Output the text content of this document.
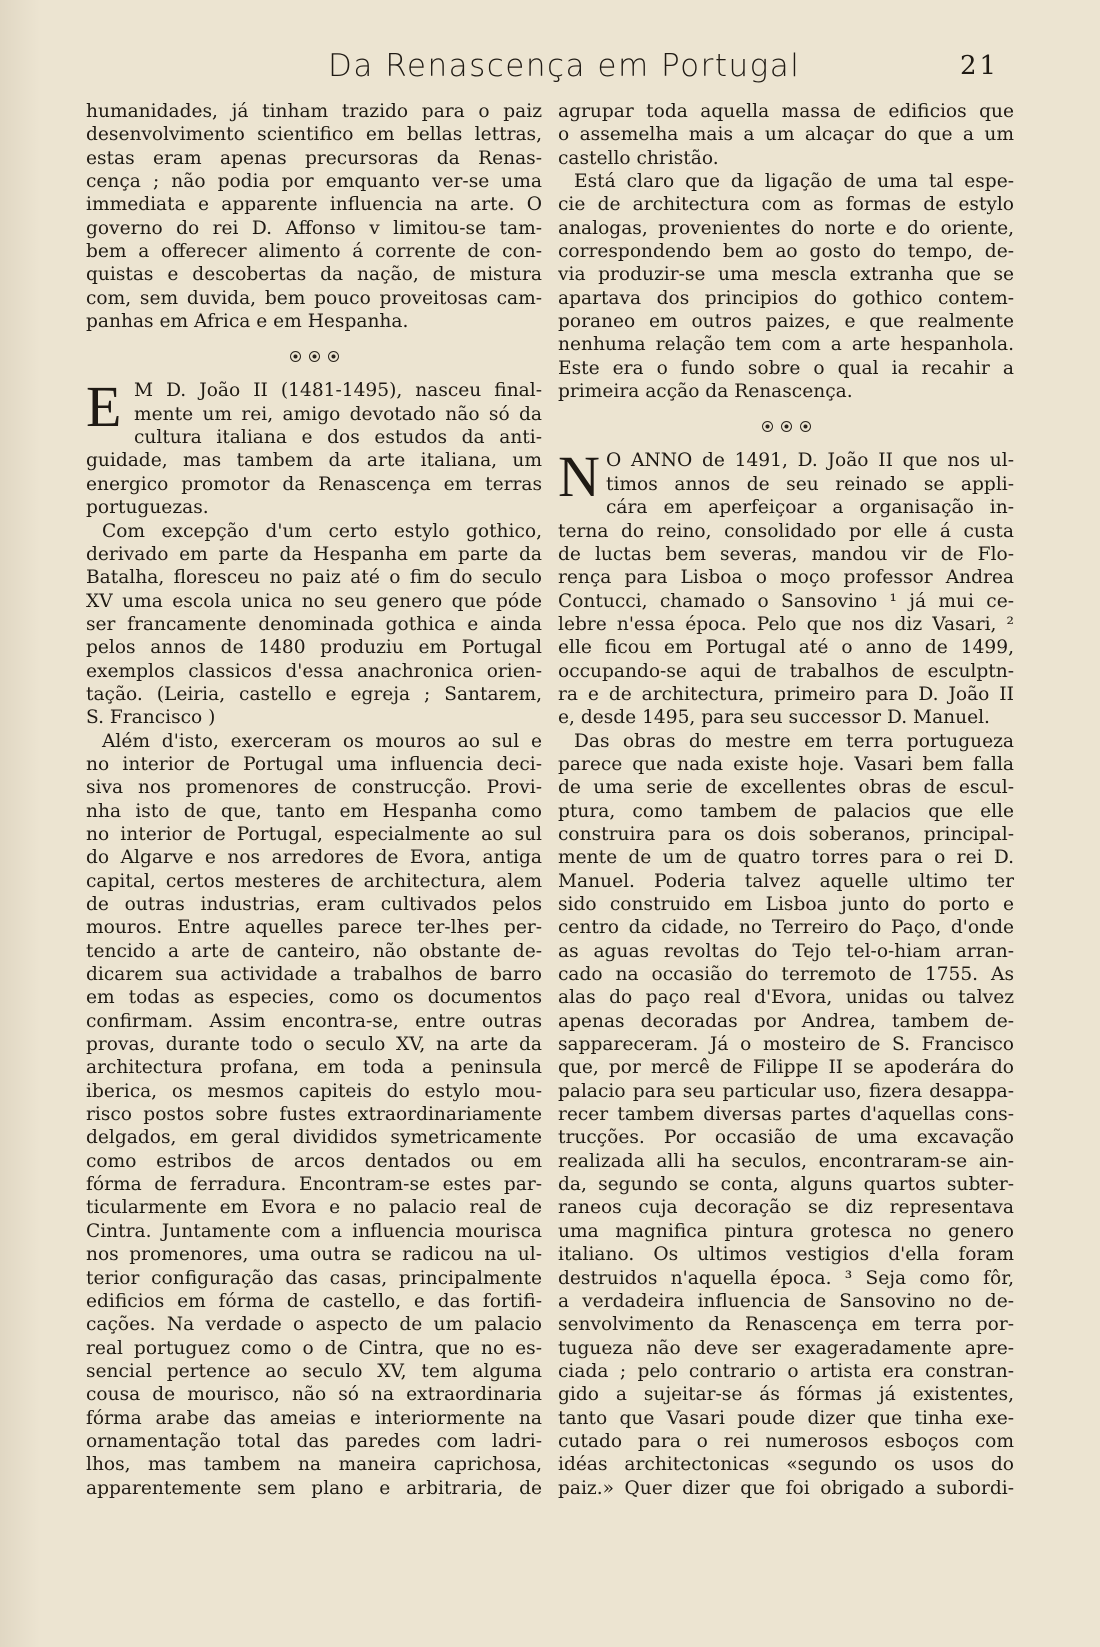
Da Renascença em Portugal	21
humanidades, já tinham trazido para o paiz
desenvolvimento scientifico em bellas lettras,
estas eram apenas precursoras da Renas-
cença ; não podia por emquanto ver-se uma
immediata e apparente influencia na arte. O
governo do rei D. Affonso v limitou-se tam-
bem a offerecer alimento á corrente de con-
quistas e descobertas da nação, de mistura
com, sem duvida, bem pouco proveitosas cam-
panhas em Africa e em Hespanha.
E M D. João II (1481-1495), nasceu final-
mente um rei, amigo devotado não só da
cultura italiana e dos estudos da anti-
guidade, mas tambem da arte italiana, um
energico promotor da Renascença em terras
portuguezas.
Com excepção d'um certo estylo gothico,
derivado em parte da Hespanha em parte da
Batalha, floresceu no paiz até o fim do seculo
XV uma escola unica no seu genero que póde
ser francamente denominada gothica e ainda
pelos annos de 1480 produziu em Portugal
exemplos classicos d'essa anachronica orien-
tação. (Leiria, castello e egreja ; Santarem,
S. Francisco )
Além d'isto, exerceram os mouros ao sul e
no interior de Portugal uma influencia deci-
siva nos promenores de construcção. Provi-
nha isto de que, tanto em Hespanha como
no interior de Portugal, especialmente ao sul
do Algarve e nos arredores de Evora, antiga
capital, certos mesteres de architectura, alem
de outras industrias, eram cultivados pelos
mouros. Entre aquelles parece ter-lhes per-
tencido a arte de canteiro, não obstante de-
dicarem sua actividade a trabalhos de barro
em todas as especies, como os documentos
confirmam. Assim encontra-se, entre outras
provas, durante todo o seculo XV, na arte da
architectura profana, em toda a peninsula
iberica, os mesmos capiteis do estylo mou-
risco postos sobre fustes extraordinariamente
delgados, em geral divididos symetricamente
como estribos de arcos dentados ou em
fórma de ferradura. Encontram-se estes par-
ticularmente em Evora e no palacio real de
Cintra. Juntamente com a influencia mourisca
nos promenores, uma outra se radicou na ul-
terior configuração das casas, principalmente
edificios em fórma de castello, e das fortifi-
cações. Na verdade o aspecto de um palacio
real portuguez como o de Cintra, que no es-
sencial pertence ao seculo XV, tem alguma
cousa de mourisco, não só na extraordinaria
fórma arabe das ameias e interiormente na
ornamentação total das paredes com ladri-
lhos, mas tambem na maneira caprichosa,
apparentemente sem plano e arbitraria, de
agrupar toda aquella massa de edificios que
o assemelha mais a um alcaçar do que a um
castello christão.
Está claro que da ligação de uma tal espe-
cie de architectura com as formas de estylo
analogas, provenientes do norte e do oriente,
correspondendo bem ao gosto do tempo, de-
via produzir-se uma mescla extranha que se
apartava dos principios do gothico contem-
poraneo em outros paizes, e que realmente
nenhuma relação tem com a arte hespanhola.
Este era o fundo sobre o qual ia recahir a
primeira acção da Renascença.
N O ANNO de 1491, D. João II que nos ul-
timos annos de seu reinado se appli-
cára em aperfeiçoar a organisação in-
terna do reino, consolidado por elle á custa
de luctas bem severas, mandou vir de Flo-
rença para Lisboa o moço professor Andrea
Contucci, chamado o Sansovino ¹ já mui ce-
lebre n'essa época. Pelo que nos diz Vasari, ²
elle ficou em Portugal até o anno de 1499,
occupando-se aqui de trabalhos de esculptn-
ra e de architectura, primeiro para D. João II
e, desde 1495, para seu successor D. Manuel.
Das obras do mestre em terra portugueza
parece que nada existe hoje. Vasari bem falla
de uma serie de excellentes obras de escul-
ptura, como tambem de palacios que elle
construira para os dois soberanos, principal-
mente de um de quatro torres para o rei D.
Manuel. Poderia talvez aquelle ultimo ter
sido construido em Lisboa junto do porto e
centro da cidade, no Terreiro do Paço, d'onde
as aguas revoltas do Tejo tel-o-hiam arran-
cado na occasião do terremoto de 1755. As
alas do paço real d'Evora, unidas ou talvez
apenas decoradas por Andrea, tambem de-
sappareceram. Já o mosteiro de S. Francisco
que, por mercê de Filippe II se apoderára do
palacio para seu particular uso, fizera desappa-
recer tambem diversas partes d'aquellas cons-
trucções. Por occasião de uma excavação
realizada alli ha seculos, encontraram-se ain-
da, segundo se conta, alguns quartos subter-
raneos cuja decoração se diz representava
uma magnifica pintura grotesca no genero
italiano. Os ultimos vestigios d'ella foram
destruidos n'aquella época. ³ Seja como fôr,
a verdadeira influencia de Sansovino no de-
senvolvimento da Renascença em terra por-
tugueza não deve ser exageradamente apre-
ciada ; pelo contrario o artista era constran-
gido a sujeitar-se ás fórmas já existentes,
tanto que Vasari poude dizer que tinha exe-
cutado para o rei numerosos esboços com
idéas architectonicas «segundo os usos do
paiz.» Quer dizer que foi obrigado a subordi-
